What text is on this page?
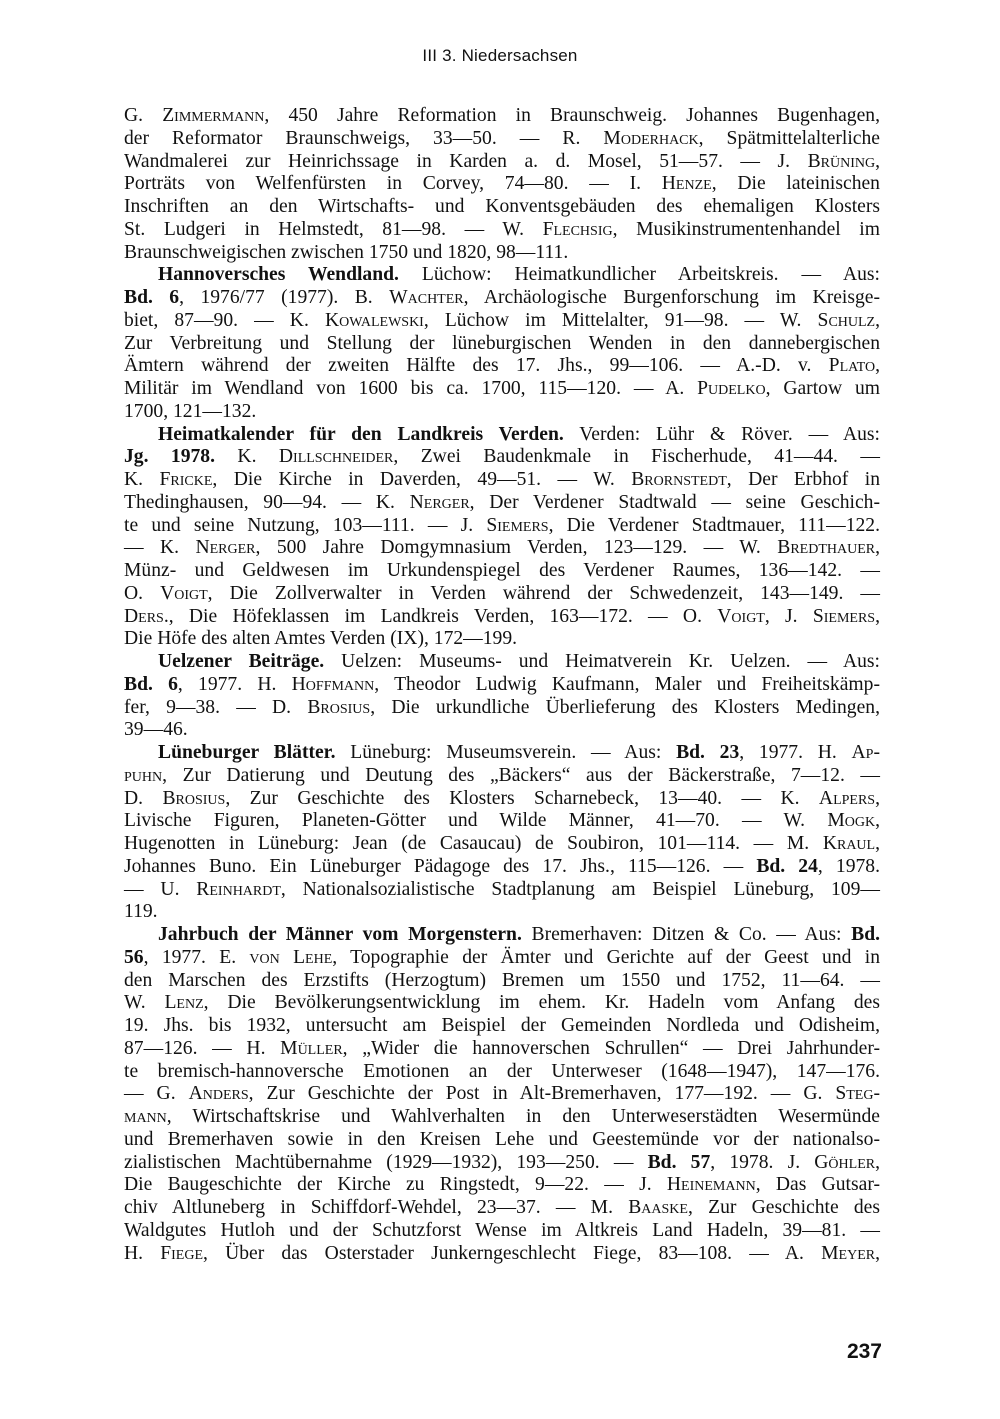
III 3. Niedersachsen
G. Zimmermann, 450 Jahre Reformation in Braunschweig. Johannes Bugenhagen,
der Reformator Braunschweigs, 33—50. — R. Moderhack, Spätmittelalterliche
Wandmalerei zur Heinrichssage in Karden a. d. Mosel, 51—57. — J. Brüning,
Porträts von Welfenfürsten in Corvey, 74—80. — I. Henze, Die lateinischen
Inschriften an den Wirtschafts- und Konventsgebäuden des ehemaligen Klosters
St. Ludgeri in Helmstedt, 81—98. — W. Flechsig, Musikinstrumentenhandel im
Braunschweigischen zwischen 1750 und 1820, 98—111.
Hannoversches Wendland. Lüchow: Heimatkundlicher Arbeitskreis. — Aus:
Bd. 6, 1976/77 (1977). B. Wachter, Archäologische Burgenforschung im Kreisge-
biet, 87—90. — K. Kowalewski, Lüchow im Mittelalter, 91—98. — W. Schulz,
Zur Verbreitung und Stellung der lüneburgischen Wenden in den dannebergischen
Ämtern während der zweiten Hälfte des 17. Jhs., 99—106. — A.-D. v. Plato,
Militär im Wendland von 1600 bis ca. 1700, 115—120. — A. Pudelko, Gartow um
1700, 121—132.
Heimatkalender für den Landkreis Verden. Verden: Lühr & Röver. — Aus:
Jg. 1978. K. Dillschneider, Zwei Baudenkmale in Fischerhude, 41—44. —
K. Fricke, Die Kirche in Daverden, 49—51. — W. Brornstedt, Der Erbhof in
Thedinghausen, 90—94. — K. Nerger, Der Verdener Stadtwald — seine Geschich-
te und seine Nutzung, 103—111. — J. Siemers, Die Verdener Stadtmauer, 111—122.
— K. Nerger, 500 Jahre Domgymnasium Verden, 123—129. — W. Bredthauer,
Münz- und Geldwesen im Urkundenspiegel des Verdener Raumes, 136—142. —
O. Voigt, Die Zollverwalter in Verden während der Schwedenzeit, 143—149. —
Ders., Die Höfeklassen im Landkreis Verden, 163—172. — O. Voigt, J. Siemers,
Die Höfe des alten Amtes Verden (IX), 172—199.
Uelzener Beiträge. Uelzen: Museums- und Heimatverein Kr. Uelzen. — Aus:
Bd. 6, 1977. H. Hoffmann, Theodor Ludwig Kaufmann, Maler und Freiheitskämp-
fer, 9—38. — D. Brosius, Die urkundliche Überlieferung des Klosters Medingen,
39—46.
Lüneburger Blätter. Lüneburg: Museumsverein. — Aus: Bd. 23, 1977. H. Ap-
puhn, Zur Datierung und Deutung des „Bäckers“ aus der Bäckerstraße, 7—12. —
D. Brosius, Zur Geschichte des Klosters Scharnebeck, 13—40. — K. Alpers,
Livische Figuren, Planeten-Götter und Wilde Männer, 41—70. — W. Mogk,
Hugenotten in Lüneburg: Jean (de Casaucau) de Soubiron, 101—114. — M. Kraul,
Johannes Buno. Ein Lüneburger Pädagoge des 17. Jhs., 115—126. — Bd. 24, 1978.
— U. Reinhardt, Nationalsozialistische Stadtplanung am Beispiel Lüneburg, 109—
119.
Jahrbuch der Männer vom Morgenstern. Bremerhaven: Ditzen & Co. — Aus: Bd.
56, 1977. E. von Lehe, Topographie der Ämter und Gerichte auf der Geest und in
den Marschen des Erzstifts (Herzogtum) Bremen um 1550 und 1752, 11—64. —
W. Lenz, Die Bevölkerungsentwicklung im ehem. Kr. Hadeln vom Anfang des
19. Jhs. bis 1932, untersucht am Beispiel der Gemeinden Nordleda und Odisheim,
87—126. — H. Müller, „Wider die hannoverschen Schrullen“ — Drei Jahrhunder-
te bremisch-hannoversche Emotionen an der Unterweser (1648—1947), 147—176.
— G. Anders, Zur Geschichte der Post in Alt-Bremerhaven, 177—192. — G. Steg-
mann, Wirtschaftskrise und Wahlverhalten in den Unterweserstädten Wesermünde
und Bremerhaven sowie in den Kreisen Lehe und Geestemünde vor der nationalso-
zialistischen Machtübernahme (1929—1932), 193—250. — Bd. 57, 1978. J. Göhler,
Die Baugeschichte der Kirche zu Ringstedt, 9—22. — J. Heinemann, Das Gutsar-
chiv Altluneberg in Schiffdorf-Wehdel, 23—37. — M. Baaske, Zur Geschichte des
Waldgutes Hutloh und der Schutzforst Wense im Altkreis Land Hadeln, 39—81. —
H. Fiege, Über das Osterstader Junkerngeschlecht Fiege, 83—108. — A. Meyer,
237
